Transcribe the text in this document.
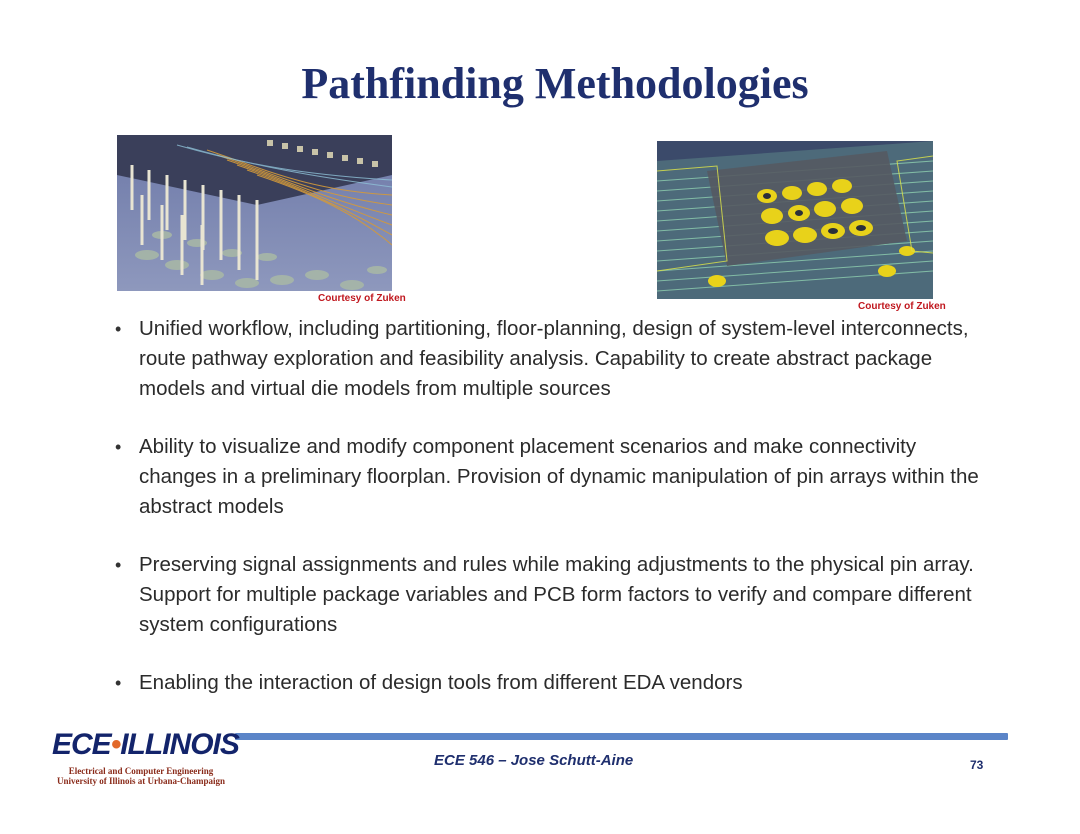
Pathfinding Methodologies
Courtesy of Zuken
Courtesy of Zuken
• Unified workflow, including partitioning, floor-planning, design of system-level interconnects, route pathway exploration and feasibility analysis. Capability to create abstract package models and virtual die models from multiple sources
• Ability to visualize and modify component placement scenarios and make connectivity changes in a preliminary floorplan. Provision of dynamic manipulation of pin arrays within the abstract models
• Preserving signal assignments and rules while making adjustments to the physical pin array. Support for multiple package variables and PCB form factors to verify and compare different system configurations
• Enabling the interaction of design tools from different EDA vendors
ECE•ILLINOIS
Electrical and Computer Engineering
University of Illinois at Urbana-Champaign
ECE 546 – Jose Schutt-Aine	73
